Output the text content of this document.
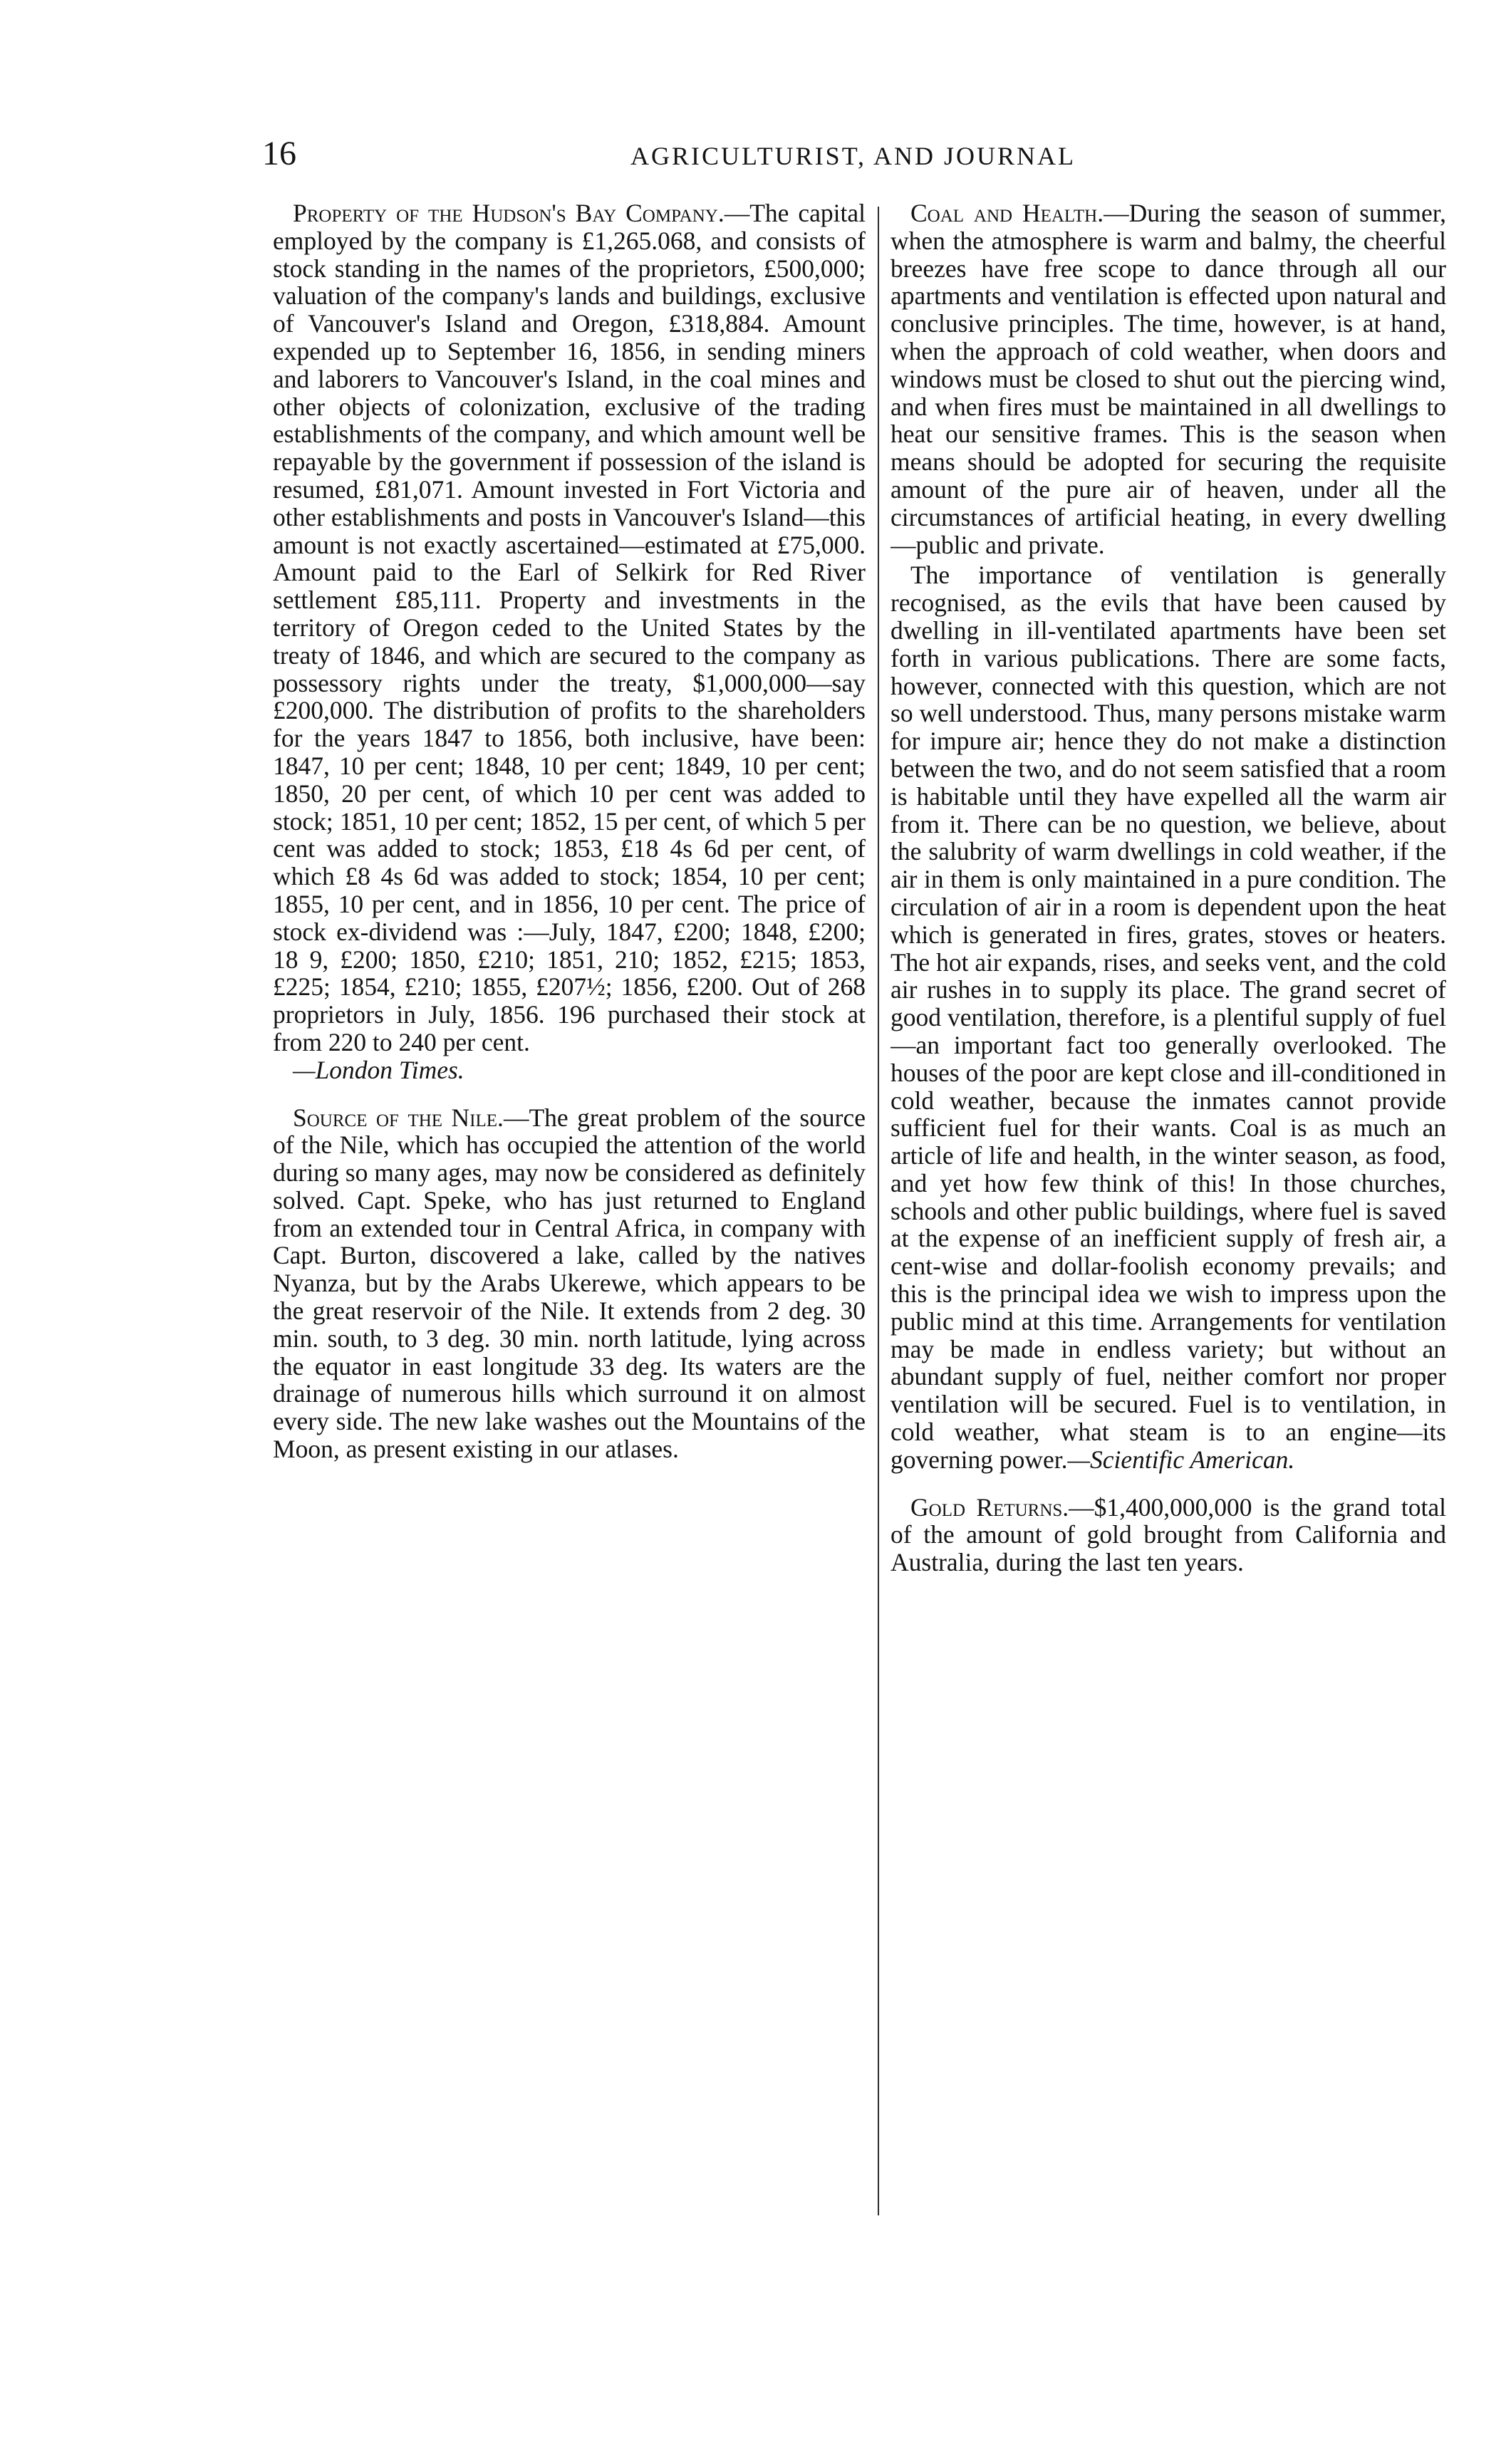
16	AGRICULTURIST, AND JOURNAL

Property of the Hudson's Bay Company.—The capital employed by the company is £1,265.068, and consists of stock standing in the names of the proprietors, £500,000; valuation of the company's lands and buildings, exclusive of Vancouver's Island and Oregon, £318,884. Amount expended up to September 16, 1856, in sending miners and laborers to Vancouver's Island, in the coal mines and other objects of colonization, exclusive of the trading establishments of the company, and which amount well be repayable by the government if possession of the island is resumed, £81,071. Amount invested in Fort Victoria and other establishments and posts in Vancouver's Island—this amount is not exactly ascertained—estimated at £75,000. Amount paid to the Earl of Selkirk for Red River settlement £85,111. Property and investments in the territory of Oregon ceded to the United States by the treaty of 1846, and which are secured to the company as possessory rights under the treaty, $1,000,000—say £200,000. The distribution of profits to the shareholders for the years 1847 to 1856, both inclusive, have been: 1847, 10 per cent; 1848, 10 per cent; 1849, 10 per cent; 1850, 20 per cent, of which 10 per cent was added to stock; 1851, 10 per cent; 1852, 15 per cent, of which 5 per cent was added to stock; 1853, £18 4s 6d per cent, of which £8 4s 6d was added to stock; 1854, 10 per cent; 1855, 10 per cent, and in 1856, 10 per cent. The price of stock ex-dividend was :—July, 1847, £200; 1848, £200; 18 9, £200; 1850, £210; 1851, 210; 1852, £215; 1853, £225; 1854, £210; 1855, £207½; 1856, £200. Out of 268 proprietors in July, 1856. 196 purchased their stock at from 220 to 240 per cent.
—London Times.

Source of the Nile.—The great problem of the source of the Nile, which has occupied the attention of the world during so many ages, may now be considered as definitely solved. Capt. Speke, who has just returned to England from an extended tour in Central Africa, in company with Capt. Burton, discovered a lake, called by the natives Nyanza, but by the Arabs Ukerewe, which appears to be the great reservoir of the Nile. It extends from 2 deg. 30 min. south, to 3 deg. 30 min. north latitude, lying across the equator in east longitude 33 deg. Its waters are the drainage of numerous hills which surround it on almost every side. The new lake washes out the Mountains of the Moon, as present existing in our atlases.

Coal and Health.—During the season of summer, when the atmosphere is warm and balmy, the cheerful breezes have free scope to dance through all our apartments and ventilation is effected upon natural and conclusive principles. The time, however, is at hand, when the approach of cold weather, when doors and windows must be closed to shut out the piercing wind, and when fires must be maintained in all dwellings to heat our sensitive frames. This is the season when means should be adopted for securing the requisite amount of the pure air of heaven, under all the circumstances of artificial heating, in every dwelling—public and private.

The importance of ventilation is generally recognised, as the evils that have been caused by dwelling in ill-ventilated apartments have been set forth in various publications. There are some facts, however, connected with this question, which are not so well understood. Thus, many persons mistake warm for impure air; hence they do not make a distinction between the two, and do not seem satisfied that a room is habitable until they have expelled all the warm air from it. There can be no question, we believe, about the salubrity of warm dwellings in cold weather, if the air in them is only maintained in a pure condition. The circulation of air in a room is dependent upon the heat which is generated in fires, grates, stoves or heaters. The hot air expands, rises, and seeks vent, and the cold air rushes in to supply its place. The grand secret of good ventilation, therefore, is a plentiful supply of fuel—an important fact too generally overlooked. The houses of the poor are kept close and ill-conditioned in cold weather, because the inmates cannot provide sufficient fuel for their wants. Coal is as much an article of life and health, in the winter season, as food, and yet how few think of this! In those churches, schools and other public buildings, where fuel is saved at the expense of an inefficient supply of fresh air, a cent-wise and dollar-foolish economy prevails; and this is the principal idea we wish to impress upon the public mind at this time. Arrangements for ventilation may be made in endless variety; but without an abundant supply of fuel, neither comfort nor proper ventilation will be secured. Fuel is to ventilation, in cold weather, what steam is to an engine—its governing power.—Scientific American.

Gold Returns.—$1,400,000,000 is the grand total of the amount of gold brought from California and Australia, during the last ten years.
